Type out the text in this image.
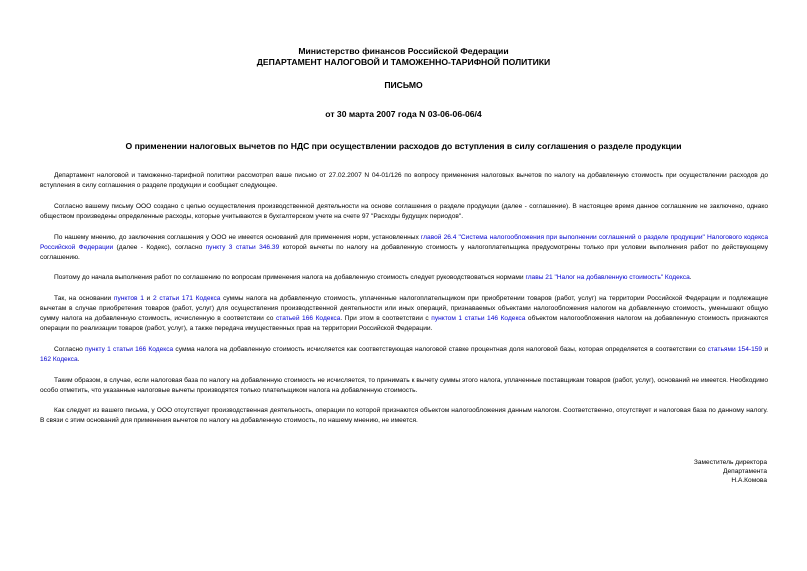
Министерство финансов Российской Федерации
ДЕПАРТАМЕНТ НАЛОГОВОЙ И ТАМОЖЕННО-ТАРИФНОЙ ПОЛИТИКИ
ПИСЬМО
от 30 марта 2007 года N 03-06-06-06/4
О применении налоговых вычетов по НДС при осуществлении расходов до вступления в силу соглашения о разделе продукции
Департамент налоговой и таможенно-тарифной политики рассмотрел ваше письмо от 27.02.2007 N 04-01/126 по вопросу применения налоговых вычетов по налогу на добавленную стоимость при осуществлении расходов до вступления в силу соглашения о разделе продукции и сообщает следующее.
Согласно вашему письму ООО создано с целью осуществления производственной деятельности на основе соглашения о разделе продукции (далее - соглашение). В настоящее время данное соглашение не заключено, однако обществом произведены определенные расходы, которые учитываются в бухгалтерском учете на счете 97 "Расходы будущих периодов".
По нашему мнению, до заключения соглашения у ООО не имеется оснований для применения норм, установленных главой 26.4 "Система налогообложения при выполнении соглашений о разделе продукции" Налогового кодекса Российской Федерации (далее - Кодекс), согласно пункту 3 статьи 346.39 которой вычеты по налогу на добавленную стоимость у налогоплательщика предусмотрены только при условии выполнения работ по действующему соглашению.
Поэтому до начала выполнения работ по соглашению по вопросам применения налога на добавленную стоимость следует руководствоваться нормами главы 21 "Налог на добавленную стоимость" Кодекса.
Так, на основании пунктов 1 и 2 статьи 171 Кодекса суммы налога на добавленную стоимость, уплаченные налогоплательщиком при приобретении товаров (работ, услуг) на территории Российской Федерации и подлежащие вычетам в случае приобретения товаров (работ, услуг) для осуществления производственной деятельности или иных операций, признаваемых объектами налогообложения налогом на добавленную стоимость, уменьшают общую сумму налога на добавленную стоимость, исчисленную в соответствии со статьей 166 Кодекса. При этом в соответствии с пунктом 1 статьи 146 Кодекса объектом налогообложения налогом на добавленную стоимость признаются операции по реализации товаров (работ, услуг), а также передача имущественных прав на территории Российской Федерации.
Согласно пункту 1 статьи 166 Кодекса сумма налога на добавленную стоимость исчисляется как соответствующая налоговой ставке процентная доля налоговой базы, которая определяется в соответствии со статьями 154-159 и 162 Кодекса.
Таким образом, в случае, если налоговая база по налогу на добавленную стоимость не исчисляется, то принимать к вычету суммы этого налога, уплаченные поставщикам товаров (работ, услуг), оснований не имеется. Необходимо особо отметить, что указанные налоговые вычеты производятся только плательщиком налога на добавленную стоимость.
Как следует из вашего письма, у ООО отсутствует производственная деятельность, операции по которой признаются объектом налогообложения данным налогом. Соответственно, отсутствует и налоговая база по данному налогу. В связи с этим оснований для применения вычетов по налогу на добавленную стоимость, по нашему мнению, не имеется.
Заместитель директора
Департамента
Н.А.Комова
